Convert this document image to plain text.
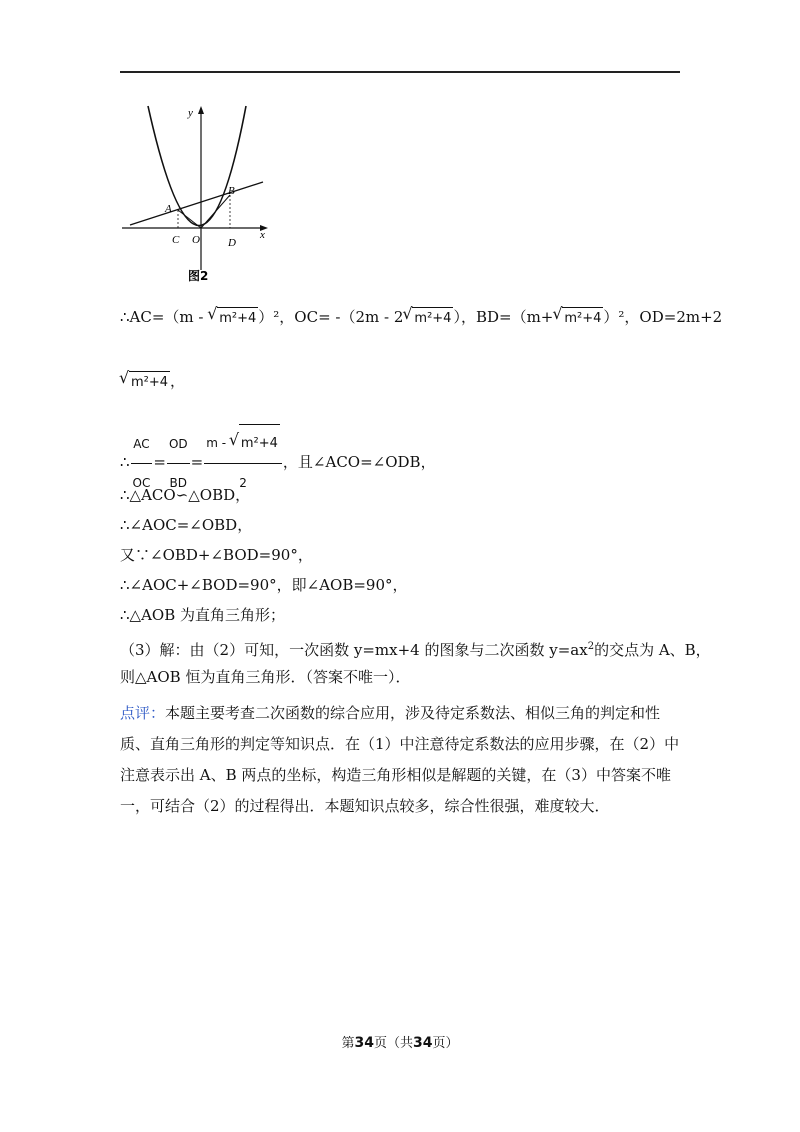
y
x
A
B
C O	D
图2
∴AC=（m - √ m²+4 ）²，OC= -（2m - 2 √ m²+4 ），BD=（m+ √ m²+4 ）²，OD=2m+2
√ m²+4 ，
∴ $\frac{AC}{OC} = \frac{OD}{BD} = \frac{\text{m - √ m²+4}}{2}$ ，且∠ACO=∠ODB，
∴△ACO∽△OBD，
∴∠AOC=∠OBD，
又∵∠OBD+∠BOD=90°，
∴∠AOC+∠BOD=90°，即∠AOB=90°，
∴△AOB 为直角三角形；
（3）解：由（2）可知，一次函数 y=mx+4 的图象与二次函数 $y=ax^2$的交点为 A、B，
则△AOB 恒为直角三角形．（答案不唯一）．
点评：本题主要考查二次函数的综合应用，涉及待定系数法、相似三角的判定和性质、直角三角形的判定等知识点．在（1）中注意待定系数法的应用步骤，在（2）中注意表示出 A、B 两点的坐标，构造三角形相似是解题的关键，在（3）中答案不唯一，可结合（2）的过程得出．本题知识点较多，综合性很强，难度较大．
第34页（共34页）
